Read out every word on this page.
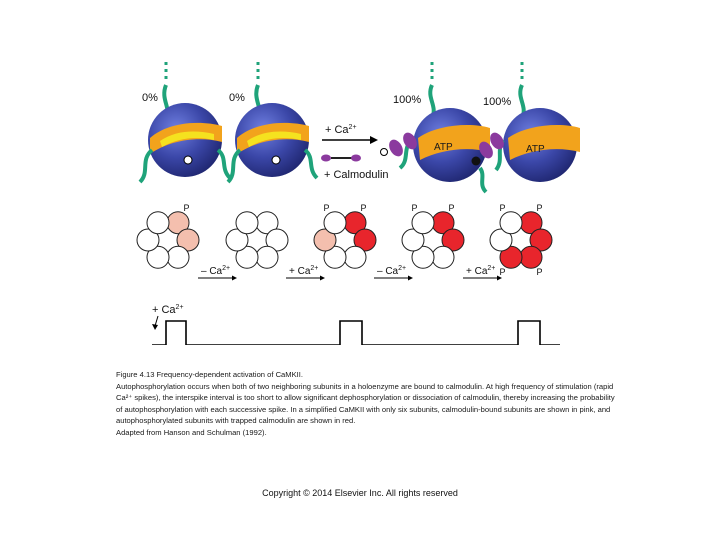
0%	0%	100%	100%
ATP	ATP
+ $Ca^{2+}$
+ Calmodulin
P	P
P	P
P	P
P
P
P
– $Ca^{2+}$	+ $Ca^{2+}$	– $Ca^{2+}$	+ $Ca^{2+}$
+ $Ca^{2+}$
Figure 4.13 Frequency-dependent activation of CaMKII.
Autophosphorylation occurs when both of two neighboring subunits in a holoenzyme are bound to calmodulin. At high frequency of stimulation (rapid Ca²⁺ spikes), the interspike interval is too short to allow significant dephosphorylation or dissociation of calmodulin, thereby increasing the probability of autophosphorylation with each successive spike. In a simplified CaMKII with only six subunits, calmodulin-bound subunits are shown in pink, and autophosphorylated subunits with trapped calmodulin are shown in red.
Adapted from Hanson and Schulman (1992).
Copyright © 2014 Elsevier Inc. All rights reserved
